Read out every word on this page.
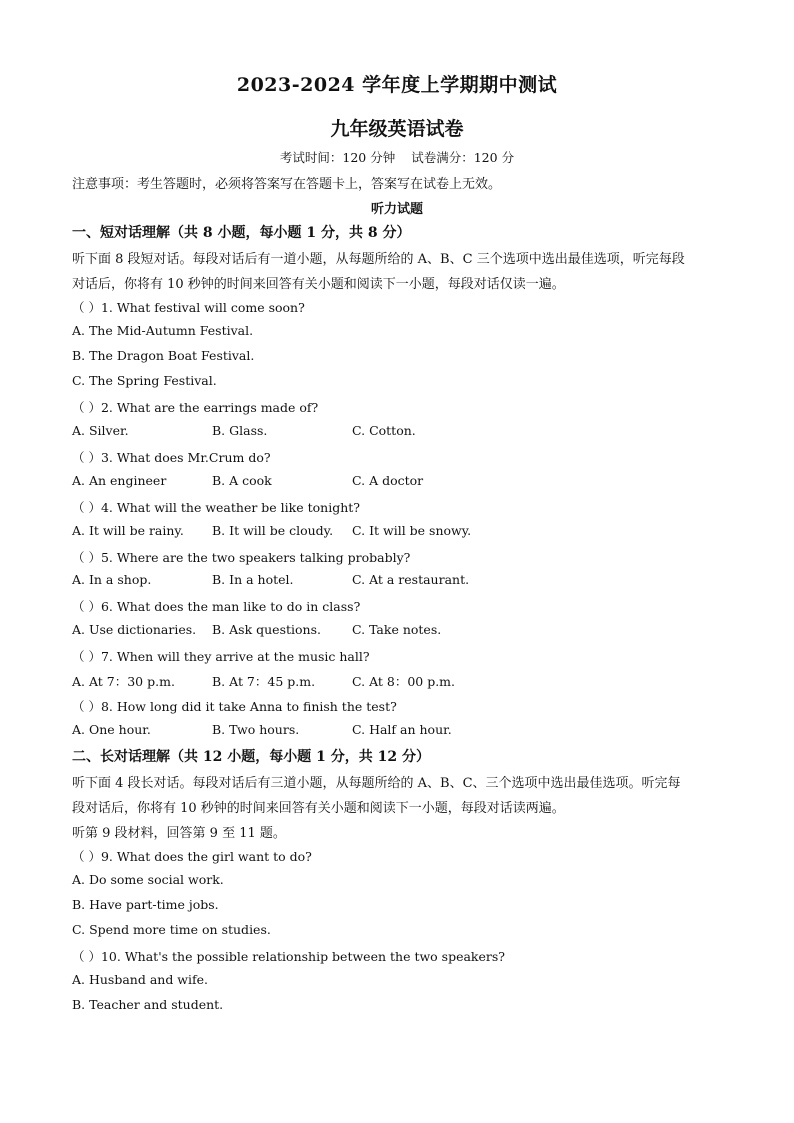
2023-2024 学年度上学期期中测试
九年级英语试卷
考试时间：120 分钟 试卷满分：120 分
注意事项：考生答题时，必须将答案写在答题卡上，答案写在试卷上无效。
听力试题
一、短对话理解（共 8 小题，每小题 1 分，共 8 分）
听下面 8 段短对话。每段对话后有一道小题，从每题所给的 A、B、C 三个选项中选出最佳选项，听完每段
对话后，你将有 10 秒钟的时间来回答有关小题和阅读下一小题，每段对话仅读一遍。
（ ）1. What festival will come soon?
A. The Mid-Autumn Festival.
B. The Dragon Boat Festival.
C. The Spring Festival.
（ ）2. What are the earrings made of?
A. Silver.	B. Glass.	C. Cotton.
（ ）3. What does Mr.Crum do?
A. An engineer	B. A cook	C. A doctor
（ ）4. What will the weather be like tonight?
A. It will be rainy. B. It will be cloudy. C. It will be snowy.
（ ）5. Where are the two speakers talking probably?
A. In a shop.	B. In a hotel.	C. At a restaurant.
（ ）6. What does the man like to do in class?
A. Use dictionaries. B. Ask questions. C. Take notes.
（ ）7. When will they arrive at the music hall?
A. At 7：30 p.m.	B. At 7：45 p.m.	C. At 8：00 p.m.
（ ）8. How long did it take Anna to finish the test?
A. One hour.	B. Two hours.	C. Half an hour.
二、长对话理解（共 12 小题，每小题 1 分，共 12 分）
听下面 4 段长对话。每段对话后有三道小题，从每题所给的 A、B、C、三个选项中选出最佳选项。听完每
段对话后，你将有 10 秒钟的时间来回答有关小题和阅读下一小题，每段对话读两遍。
听第 9 段材料，回答第 9 至 11 题。
（ ）9. What does the girl want to do?
A. Do some social work.
B. Have part-time jobs.
C. Spend more time on studies.
（ ）10. What's the possible relationship between the two speakers?
A. Husband and wife.
B. Teacher and student.
